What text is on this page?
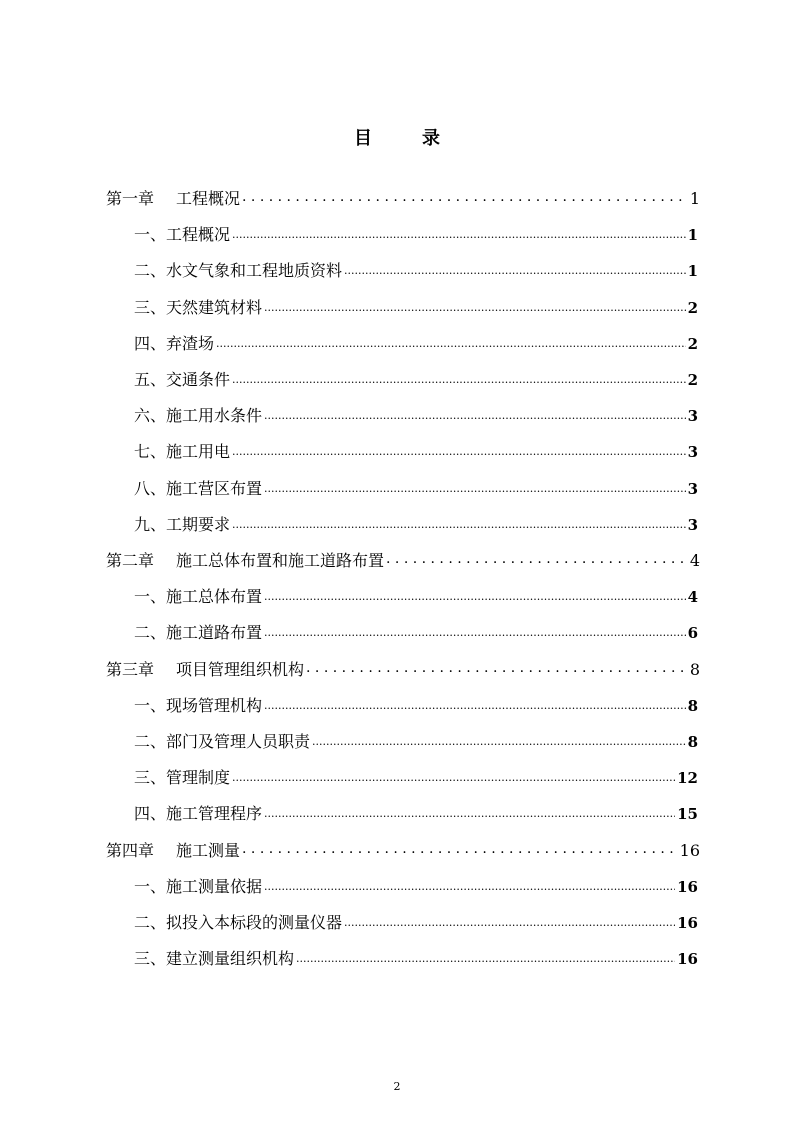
目　录
第一章 工程概况 . . .	1
一、 工程概况 .....	1
二、 水文气象和工程地质资料 .....	1
三、 天然建筑材料 .....	2
四、 弃渣场 .....	2
五、 交通条件 .....	2
六、 施工用水条件 .....	3
七、 施工用电 .....	3
八、 施工营区布置 .....	3
九、 工期要求 .....	3
第二章 施工总体布置和施工道路布置 . . .	4
一、 施工总体布置 .....	4
二、 施工道路布置 .....	6
第三章 项目管理组织机构 . . .	8
一、 现场管理机构 .....	8
二、 部门及管理人员职责 .....	8
三、 管理制度 .....	12
四、 施工管理程序 .....	15
第四章 施工测量 . . .	16
一、 施工测量依据 .....	16
二、 拟投入本标段的测量仪器 .....	16
三、 建立测量组织机构 .....	16
2
